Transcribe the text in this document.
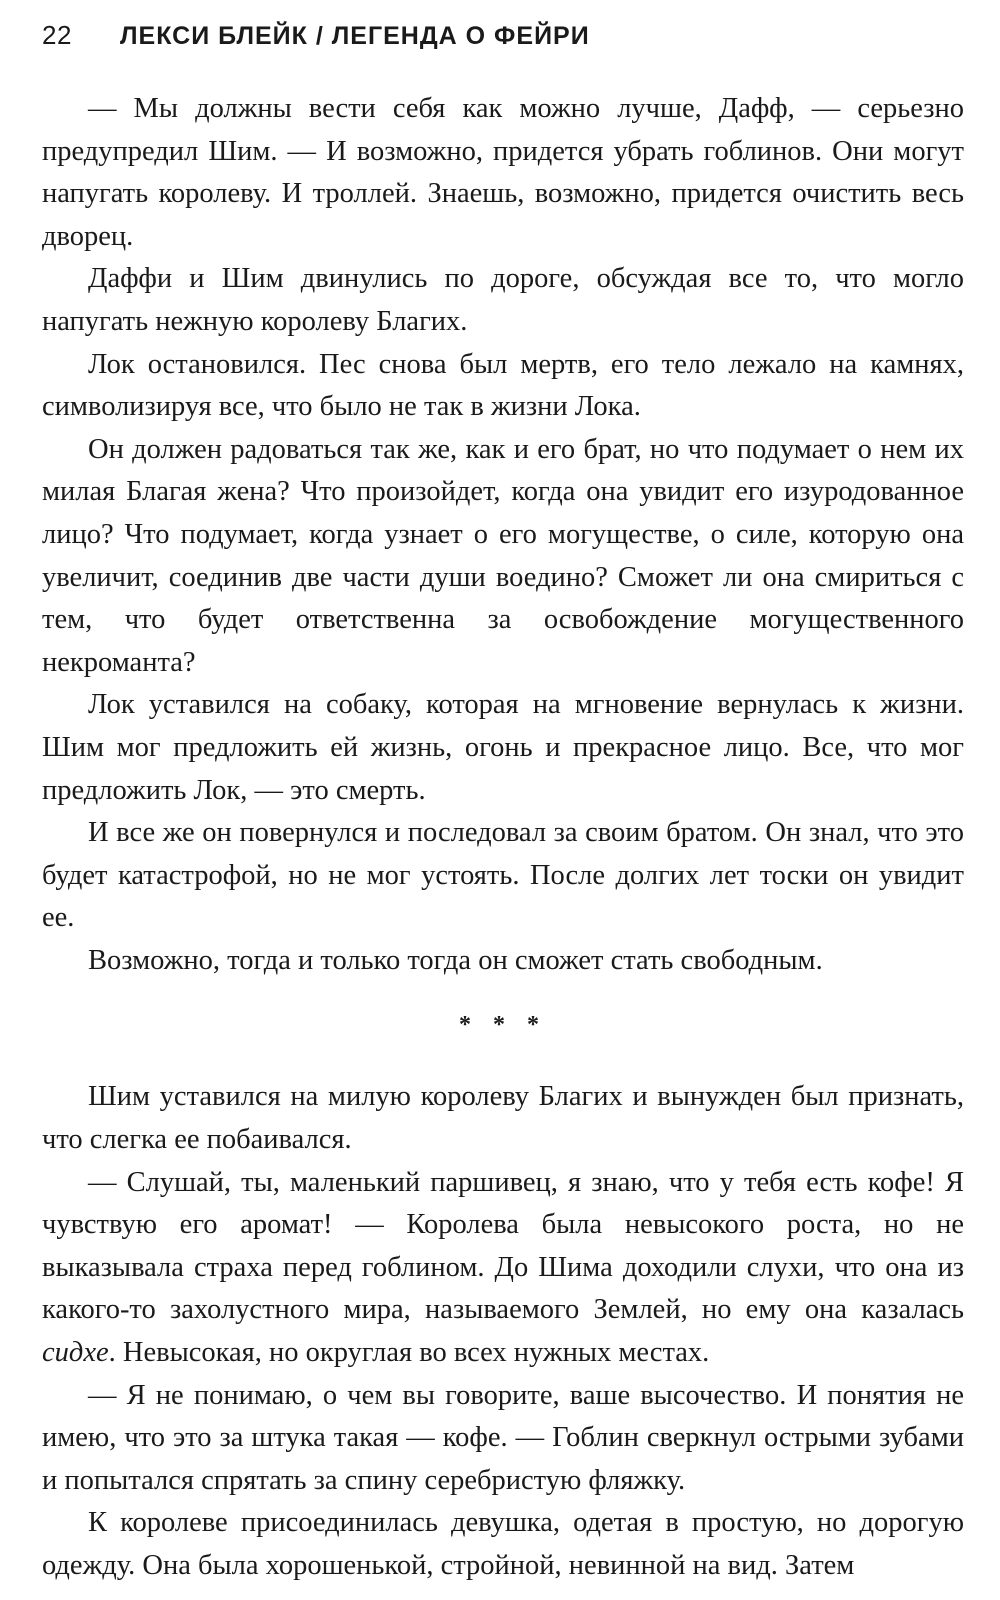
22	ЛЕКСИ БЛЕЙК / ЛЕГЕНДА О ФЕЙРИ

— Мы должны вести себя как можно лучше, Дафф, — серьезно предупредил Шим. — И возможно, придется убрать гоблинов. Они могут напугать королеву. И троллей. Знаешь, возможно, придется очистить весь дворец.

Даффи и Шим двинулись по дороге, обсуждая все то, что могло напугать нежную королеву Благих.

Лок остановился. Пес снова был мертв, его тело лежало на камнях, символизируя все, что было не так в жизни Лока.

Он должен радоваться так же, как и его брат, но что подумает о нем их милая Благая жена? Что произойдет, когда она увидит его изуродованное лицо? Что подумает, когда узнает о его могуществе, о силе, которую она увеличит, соединив две части души воедино? Сможет ли она смириться с тем, что будет ответственна за освобождение могущественного некроманта?

Лок уставился на собаку, которая на мгновение вернулась к жизни. Шим мог предложить ей жизнь, огонь и прекрасное лицо. Все, что мог предложить Лок, — это смерть.

И все же он повернулся и последовал за своим братом. Он знал, что это будет катастрофой, но не мог устоять. После долгих лет тоски он увидит ее.

Возможно, тогда и только тогда он сможет стать свободным.

* * *

Шим уставился на милую королеву Благих и вынужден был признать, что слегка ее побаивался.

— Слушай, ты, маленький паршивец, я знаю, что у тебя есть кофе! Я чувствую его аромат! — Королева была невысокого роста, но не выказывала страха перед гоблином. До Шима доходили слухи, что она из какого-то захолустного мира, называемого Землей, но ему она казалась сидхе. Невысокая, но округлая во всех нужных местах.

— Я не понимаю, о чем вы говорите, ваше высочество. И понятия не имею, что это за штука такая — кофе. — Гоблин сверкнул острыми зубами и попытался спрятать за спину серебристую фляжку.

К королеве присоединилась девушка, одетая в простую, но дорогую одежду. Она была хорошенькой, стройной, невинной на вид. Затем
